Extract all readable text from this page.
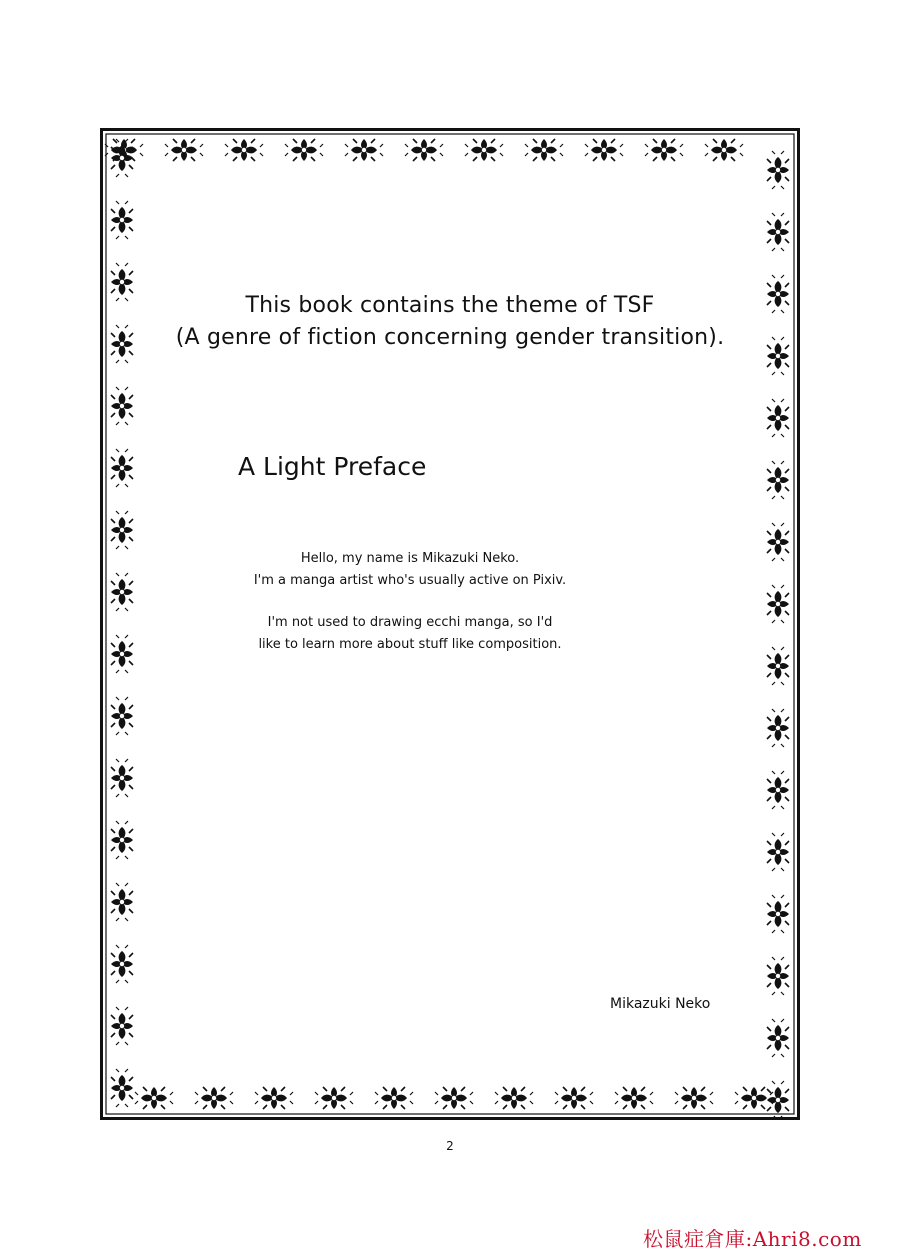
This book contains the theme of TSF
(A genre of fiction concerning gender transition).
A Light Preface
Hello, my name is Mikazuki Neko.
I'm a manga artist who's usually active on Pixiv.
I'm not used to drawing ecchi manga, so I'd
like to learn more about stuff like composition.
Mikazuki Neko
2
松鼠症倉庫:Ahri8.com
